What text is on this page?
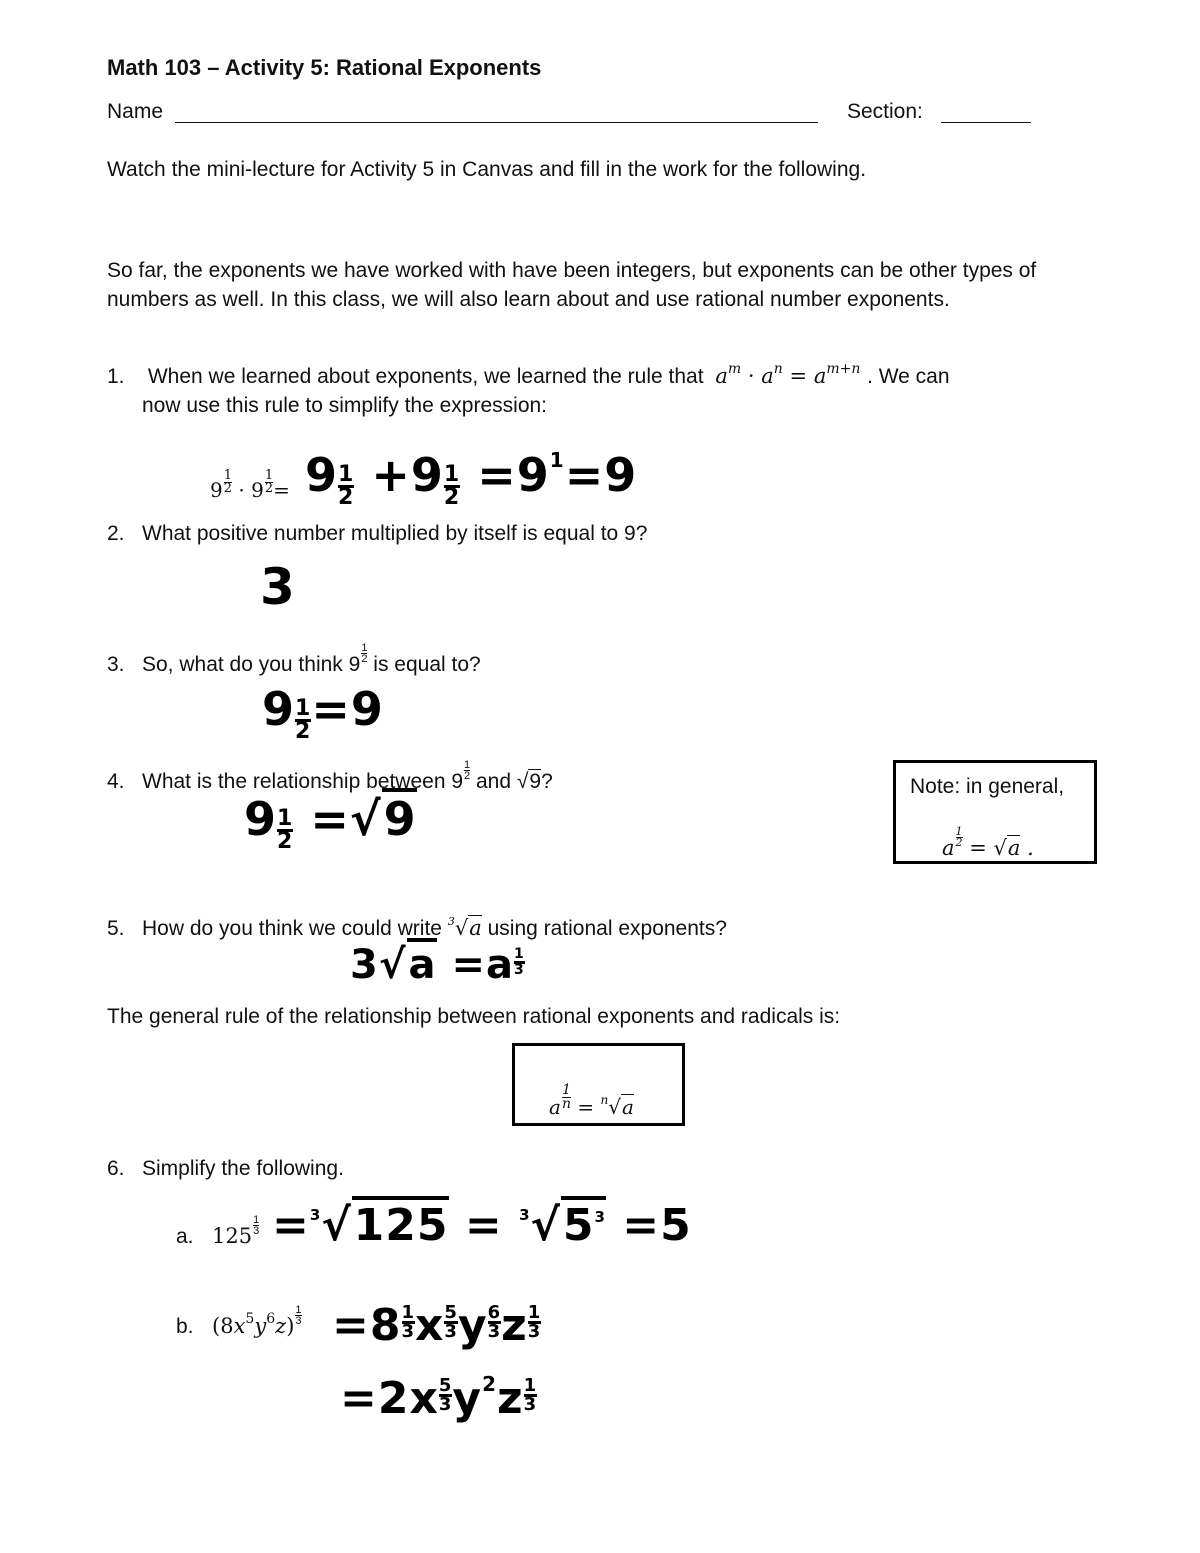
Math 103 – Activity 5: Rational Exponents
Name	Section:
Watch the mini-lecture for Activity 5 in Canvas and fill in the work for the following.
So far, the exponents we have worked with have been integers, but exponents can be other types of numbers as well. In this class, we will also learn about and use rational number exponents.
1. When we learned about exponents, we learned the rule that $a^m \cdot a^n = a^{m+n}$ . We can
now use this rule to simplify the expression:
$9 \frac{1}{2} \cdot 9 \frac{1}{2} = 9 \frac{1}{2} +9 \frac{1}{2} =9^1=9$
2. What positive number multiplied by itself is equal to 9?
3
3. So, what do you think $9 \frac{1}{2}$ is equal to?
$9 \frac{1}{2} =9$
4. What is the relationship between $9 \frac{1}{2}$ and √9?
$9 \frac{1}{2} =√9$
Note: in general,
a $\frac{1}{2} = √a$ .
5. How do you think we could write $^3$√a using rational exponents?
$3√a =a \frac{1}{3}$
The general rule of the relationship between rational exponents and radicals is:
a $\frac{1}{n} = ^n√a$
6. Simplify the following.
a. $125 \frac{1}{3} =^3√125 = ^3√5^3 =5$
b. $(8x^5y^6z) \frac{1}{3} =8 \frac{1}{3}$ x $\frac{5}{3}$ y $\frac{6}{3}$ z $\frac{1}{3}$
$=2x \frac{5}{3} y^2z \frac{1}{3}$
